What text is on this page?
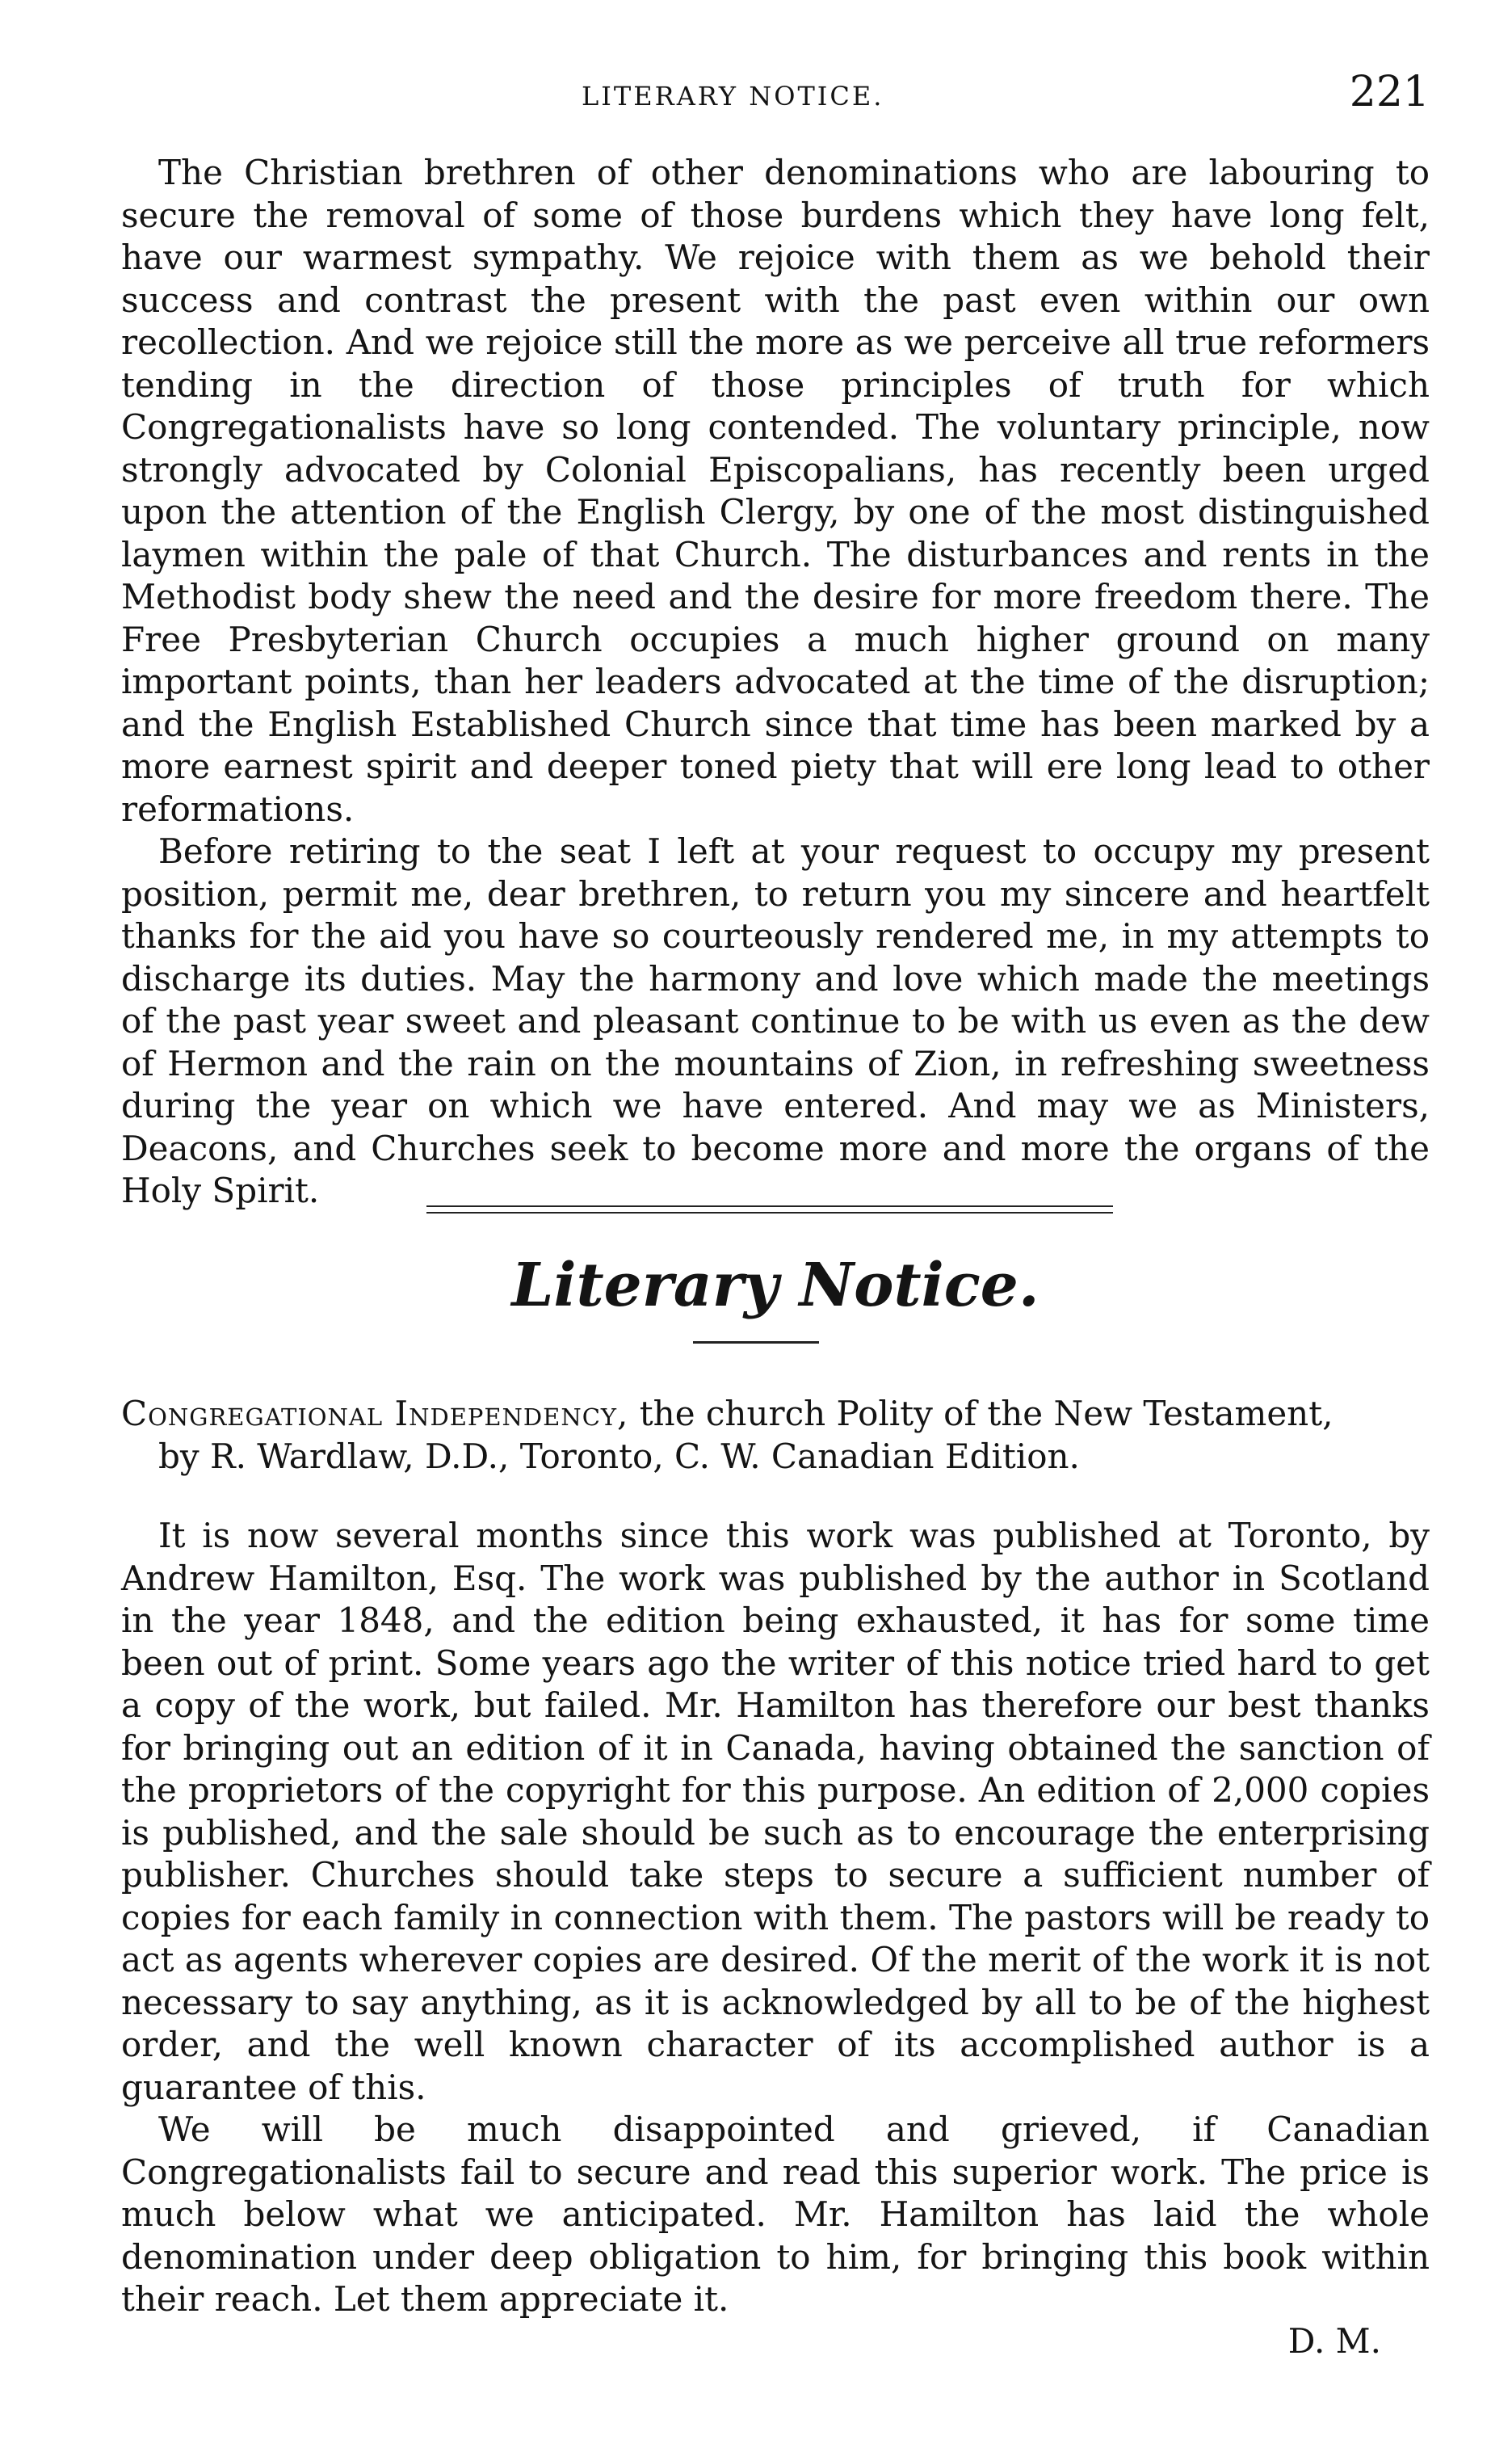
LITERARY NOTICE.	221

The Christian brethren of other denominations who are labouring to secure the removal of some of those burdens which they have long felt, have our warmest sympathy. We rejoice with them as we behold their success and contrast the present with the past even within our own recollection. And we rejoice still the more as we perceive all true reformers tending in the direction of those principles of truth for which Congregationalists have so long contended. The voluntary principle, now strongly advocated by Colonial Episcopalians, has recently been urged upon the attention of the English Clergy, by one of the most distinguished laymen within the pale of that Church. The disturbances and rents in the Methodist body shew the need and the desire for more freedom there. The Free Presbyterian Church occupies a much higher ground on many important points, than her leaders advocated at the time of the disruption; and the English Established Church since that time has been marked by a more earnest spirit and deeper toned piety that will ere long lead to other reformations.

Before retiring to the seat I left at your request to occupy my present position, permit me, dear brethren, to return you my sincere and heartfelt thanks for the aid you have so courteously rendered me, in my attempts to discharge its duties. May the harmony and love which made the meetings of the past year sweet and pleasant continue to be with us even as the dew of Hermon and the rain on the mountains of Zion, in refreshing sweetness during the year on which we have entered. And may we as Ministers, Deacons, and Churches seek to become more and more the organs of the Holy Spirit.

Literary Notice.
Congregational Independency, the church Polity of the New Testament,
by R. Wardlaw, D.D., Toronto, C. W. Canadian Edition.

It is now several months since this work was published at Toronto, by Andrew Hamilton, Esq. The work was published by the author in Scotland in the year 1848, and the edition being exhausted, it has for some time been out of print. Some years ago the writer of this notice tried hard to get a copy of the work, but failed. Mr. Hamilton has therefore our best thanks for bringing out an edition of it in Canada, having obtained the sanction of the proprietors of the copyright for this purpose. An edition of 2,000 copies is published, and the sale should be such as to encourage the enterprising publisher. Churches should take steps to secure a sufficient number of copies for each family in connection with them. The pastors will be ready to act as agents wherever copies are desired. Of the merit of the work it is not necessary to say anything, as it is acknowledged by all to be of the highest order, and the well known character of its accomplished author is a guarantee of this.

We will be much disappointed and grieved, if Canadian Congregationalists fail to secure and read this superior work. The price is much below what we anticipated. Mr. Hamilton has laid the whole denomination under deep obligation to him, for bringing this book within their reach. Let them appreciate it.

D. M.
